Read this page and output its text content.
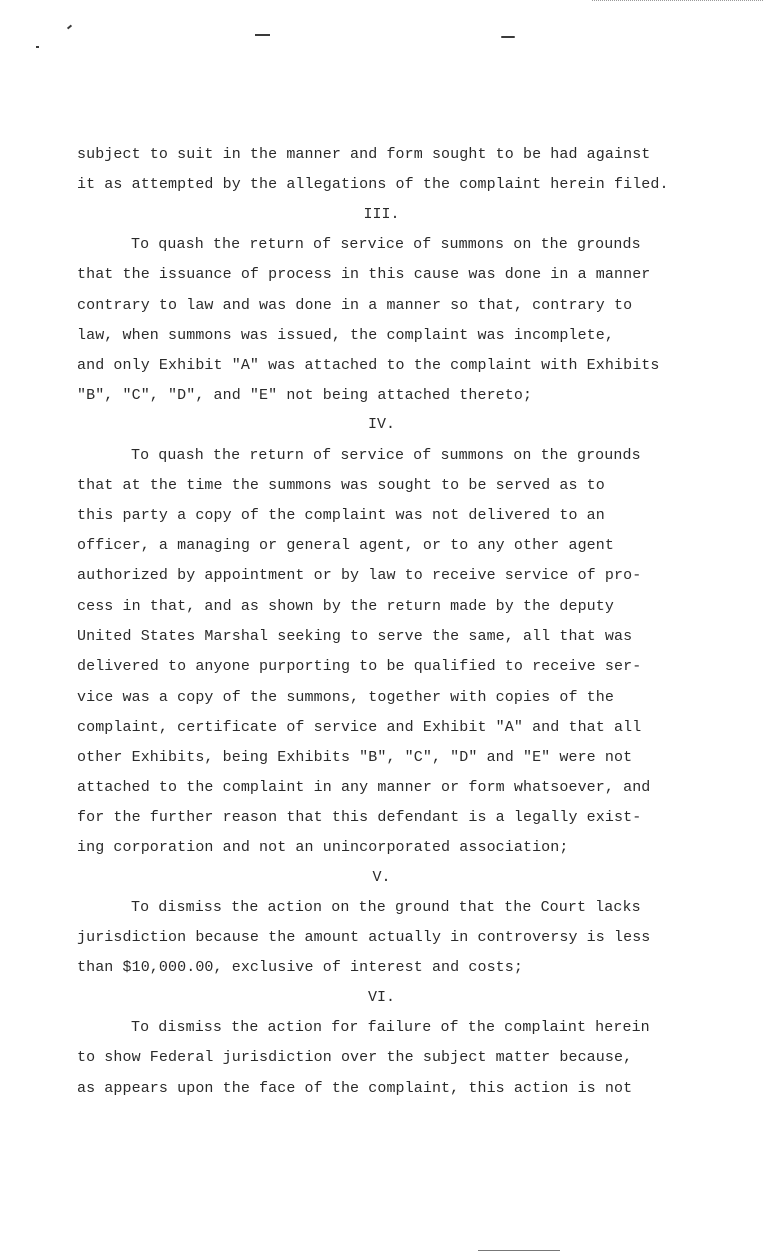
subject to suit in the manner and form sought to be had against
it as attempted by the allegations of the complaint herein filed.
III.
To quash the return of service of summons on the grounds
that the issuance of process in this cause was done in a manner
contrary to law and was done in a manner so that, contrary to
law, when summons was issued, the complaint was incomplete,
and only Exhibit "A" was attached to the complaint with Exhibits
"B", "C", "D", and "E" not being attached thereto;
IV.
To quash the return of service of summons on the grounds
that at the time the summons was sought to be served as to
this party a copy of the complaint was not delivered to an
officer, a managing or general agent, or to any other agent
authorized by appointment or by law to receive service of pro-
cess in that, and as shown by the return made by the deputy
United States Marshal seeking to serve the same, all that was
delivered to anyone purporting to be qualified to receive ser-
vice was a copy of the summons, together with copies of the
complaint, certificate of service and Exhibit "A" and that all
other Exhibits, being Exhibits "B", "C", "D" and "E" were not
attached to the complaint in any manner or form whatsoever, and
for the further reason that this defendant is a legally exist-
ing corporation and not an unincorporated association;
V.
To dismiss the action on the ground that the Court lacks
jurisdiction because the amount actually in controversy is less
than $10,000.00, exclusive of interest and costs;
VI.
To dismiss the action for failure of the complaint herein
to show Federal jurisdiction over the subject matter because,
as appears upon the face of the complaint, this action is not
